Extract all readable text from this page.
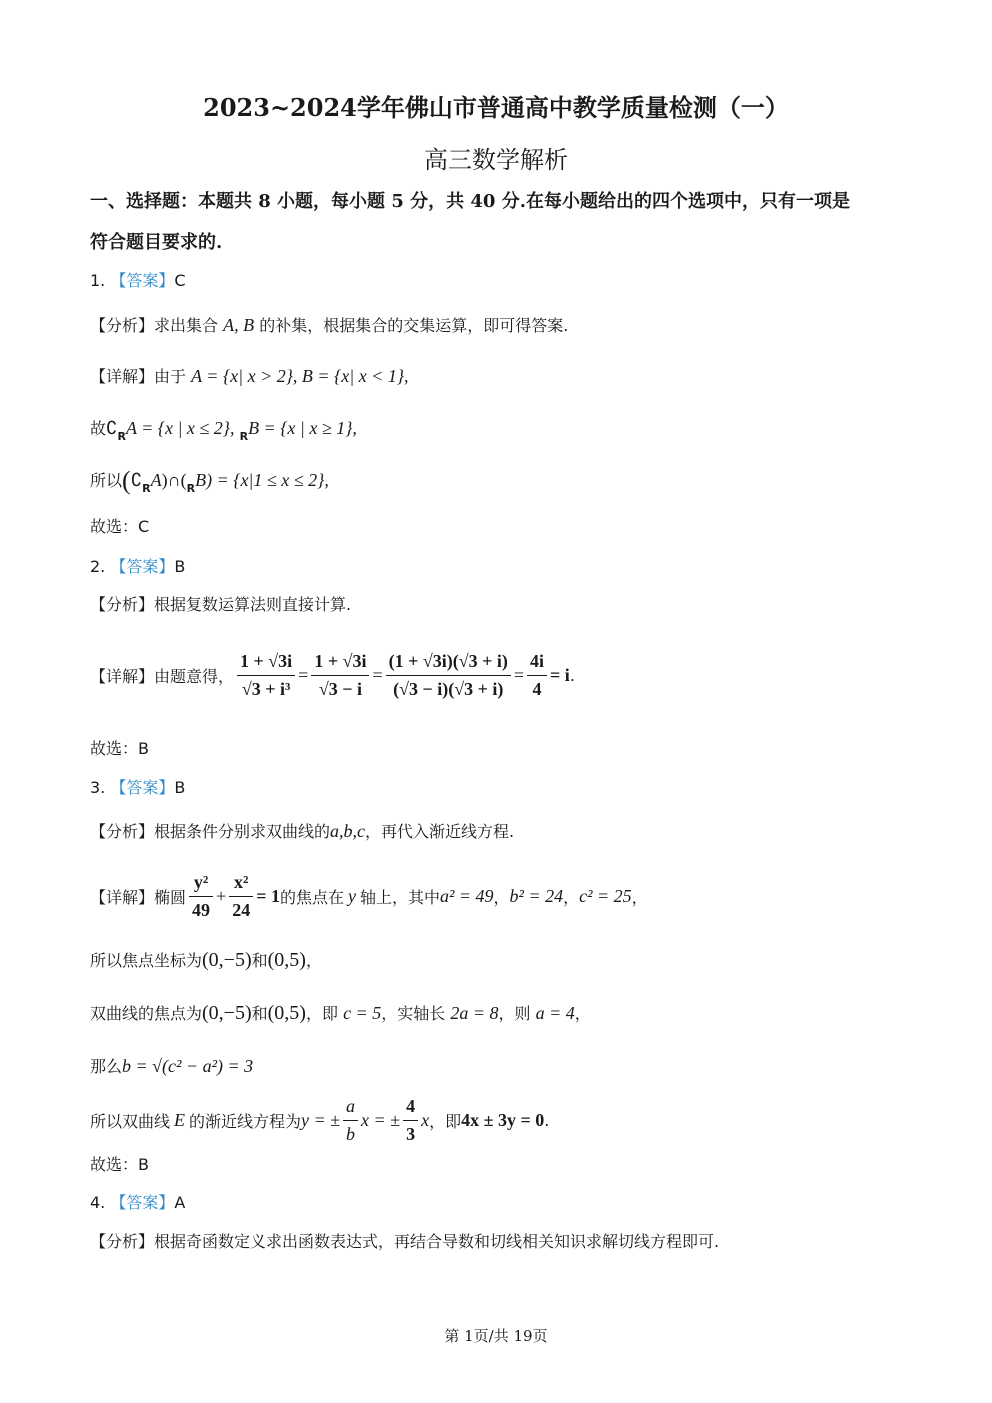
2023~2024学年佛山市普通高中教学质量检测（一）
高三数学解析
一、选择题：本题共 8 小题，每小题 5 分，共 40 分.在每小题给出的四个选项中，只有一项是
符合题目要求的.
1. 【答案】C
【分析】求出集合 A, B 的补集，根据集合的交集运算，即可得答案.
【详解】由于 A = {x| x > 2}, B = {x| x < 1},
故$∁_RA = \{x$ | x ≤ 2}, $_R$B = {x | x ≥ 1},
所以$(∁_RA)\cap(_RB) = \{x|1 \le x \le 2\}$,
故选：C
2. 【答案】B
【分析】根据复数运算法则直接计算.
【详解】 由题意得， $\frac{1 + √3i}{\text{√3 + i³}} = \frac{1 + √3i}{√3 - i} = \frac{(1 + √3i)(√3 + i)}{(√3 - i)(√3 + i)} = \frac{4i}{4} = i$ .
故选：B
3. 【答案】B
【分析】根据条件分别求双曲线的a,b,c，再代入渐近线方程.
【详解】 椭圆 $\frac{\text{y²}}{49} + \frac{\text{x²}}{24} = 1$ 的焦点在 y 轴上，其中 a² = 49 ， b² = 24 ， c² = 25 ，
所以焦点坐标为(0,−5)和(0,5)，
双曲线的焦点为(0,−5)和(0,5)，即 c = 5，实轴长 2a = 8，则 a = 4，
那么b = √(c² − a²) = 3
所以双曲线 E 的渐近线方程为 y = ± $\frac{a}{b}$ x = ± $\frac{4}{3}$ x ，即 4x ± 3y = 0 .
故选：B
4. 【答案】A
【分析】根据奇函数定义求出函数表达式，再结合导数和切线相关知识求解切线方程即可.
第 1页/共 19页
